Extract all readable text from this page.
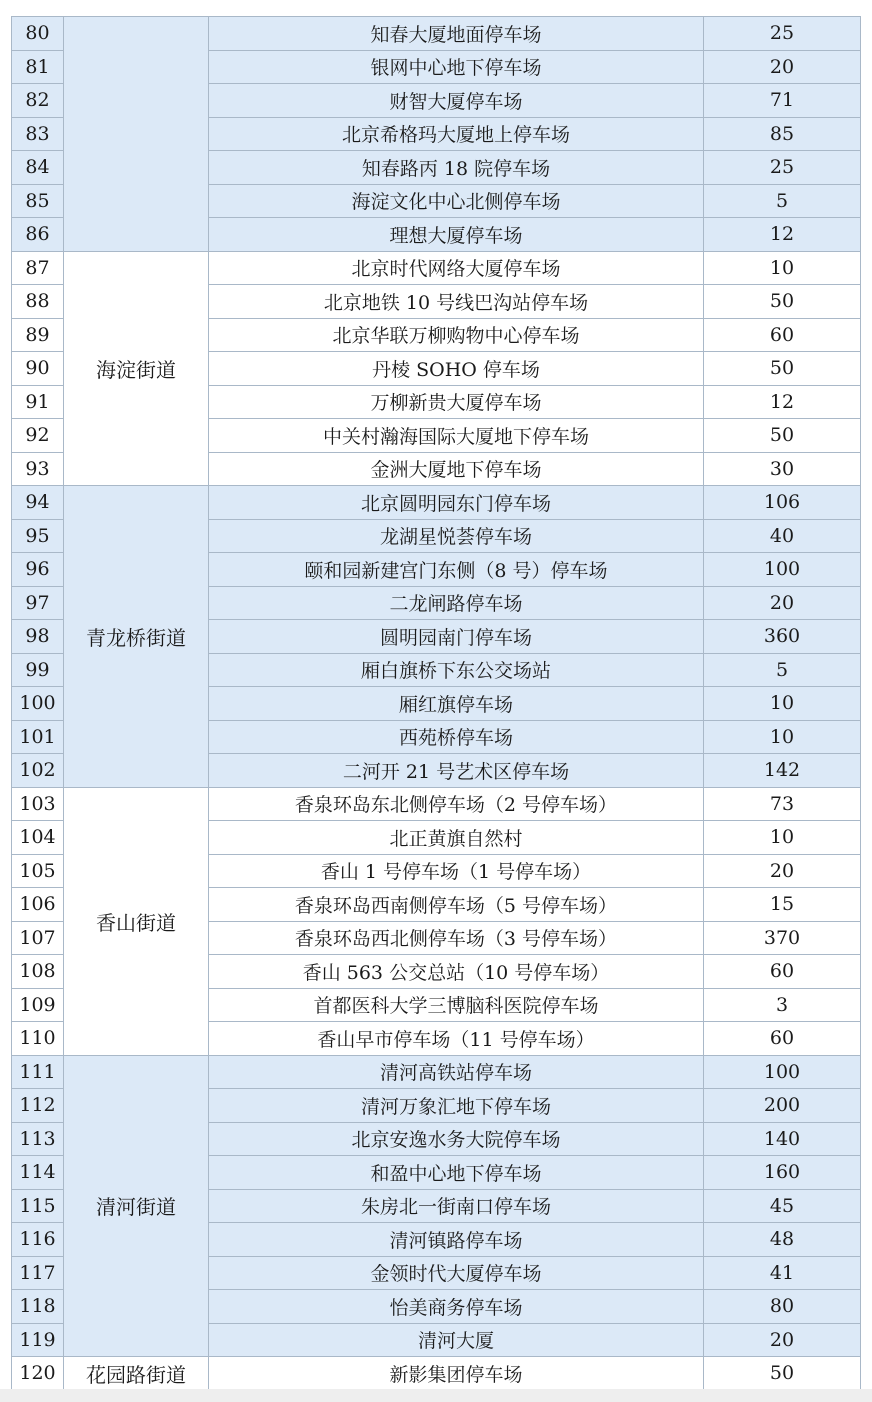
80		知春大厦地面停车场	25
81		银网中心地下停车场	20
82		财智大厦停车场	71
83		北京希格玛大厦地上停车场	85
84		知春路丙 18 院停车场	25
85		海淀文化中心北侧停车场	5
86		理想大厦停车场	12
87	海淀街道	北京时代网络大厦停车场	10
88		北京地铁 10 号线巴沟站停车场	50
89		北京华联万柳购物中心停车场	60
90		丹棱 SOHO 停车场	50
91		万柳新贵大厦停车场	12
92		中关村瀚海国际大厦地下停车场	50
93		金洲大厦地下停车场	30
94	青龙桥街道	北京圆明园东门停车场	106
95		龙湖星悦荟停车场	40
96		颐和园新建宫门东侧（8 号）停车场	100
97		二龙闸路停车场	20
98		圆明园南门停车场	360
99		厢白旗桥下东公交场站	5
100		厢红旗停车场	10
101		西苑桥停车场	10
102		二河开 21 号艺术区停车场	142
103	香山街道	香泉环岛东北侧停车场（2 号停车场）	73
104		北正黄旗自然村	10
105		香山 1 号停车场（1 号停车场）	20
106		香泉环岛西南侧停车场（5 号停车场）	15
107		香泉环岛西北侧停车场（3 号停车场）	370
108		香山 563 公交总站（10 号停车场）	60
109		首都医科大学三博脑科医院停车场	3
110		香山早市停车场（11 号停车场）	60
111	清河街道	清河高铁站停车场	100
112		清河万象汇地下停车场	200
113		北京安逸水务大院停车场	140
114		和盈中心地下停车场	160
115		朱房北一街南口停车场	45
116		清河镇路停车场	48
117		金领时代大厦停车场	41
118		怡美商务停车场	80
119		清河大厦	20
120	花园路街道	新影集团停车场	50
